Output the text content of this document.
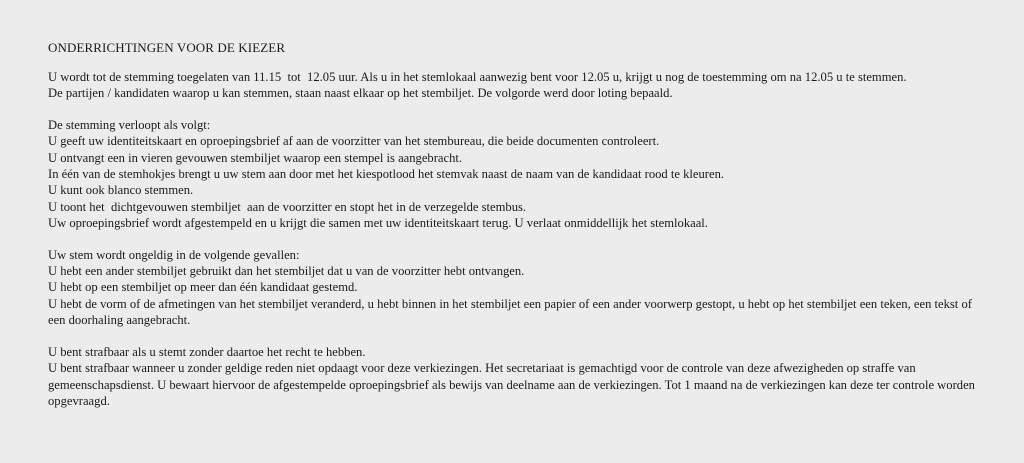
ONDERRICHTINGEN VOOR DE KIEZER
U wordt tot de stemming toegelaten van 11.15  tot  12.05 uur. Als u in het stemlokaal aanwezig bent voor 12.05 u, krijgt u nog de toestemming om na 12.05 u te stemmen.
De partijen / kandidaten waarop u kan stemmen, staan naast elkaar op het stembiljet. De volgorde werd door loting bepaald.
De stemming verloopt als volgt:
U geeft uw identiteitskaart en oproepingsbrief af aan de voorzitter van het stembureau, die beide documenten controleert.
U ontvangt een in vieren gevouwen stembiljet waarop een stempel is aangebracht.
In één van de stemhokjes brengt u uw stem aan door met het kiespotlood het stemvak naast de naam van de kandidaat rood te kleuren.
U kunt ook blanco stemmen.
U toont het  dichtgevouwen stembiljet  aan de voorzitter en stopt het in de verzegelde stembus.
Uw oproepingsbrief wordt afgestempeld en u krijgt die samen met uw identiteitskaart terug. U verlaat onmiddellijk het stemlokaal.
Uw stem wordt ongeldig in de volgende gevallen:
U hebt een ander stembiljet gebruikt dan het stembiljet dat u van de voorzitter hebt ontvangen.
U hebt op een stembiljet op meer dan één kandidaat gestemd.
U hebt de vorm of de afmetingen van het stembiljet veranderd, u hebt binnen in het stembiljet een papier of een ander voorwerp gestopt, u hebt op het stembiljet een teken, een tekst of een doorhaling aangebracht.
U bent strafbaar als u stemt zonder daartoe het recht te hebben.
U bent strafbaar wanneer u zonder geldige reden niet opdaagt voor deze verkiezingen. Het secretariaat is gemachtigd voor de controle van deze afwezigheden op straffe van gemeenschapsdienst. U bewaart hiervoor de afgestempelde oproepingsbrief als bewijs van deelname aan de verkiezingen. Tot 1 maand na de verkiezingen kan deze ter controle worden opgevraagd.
